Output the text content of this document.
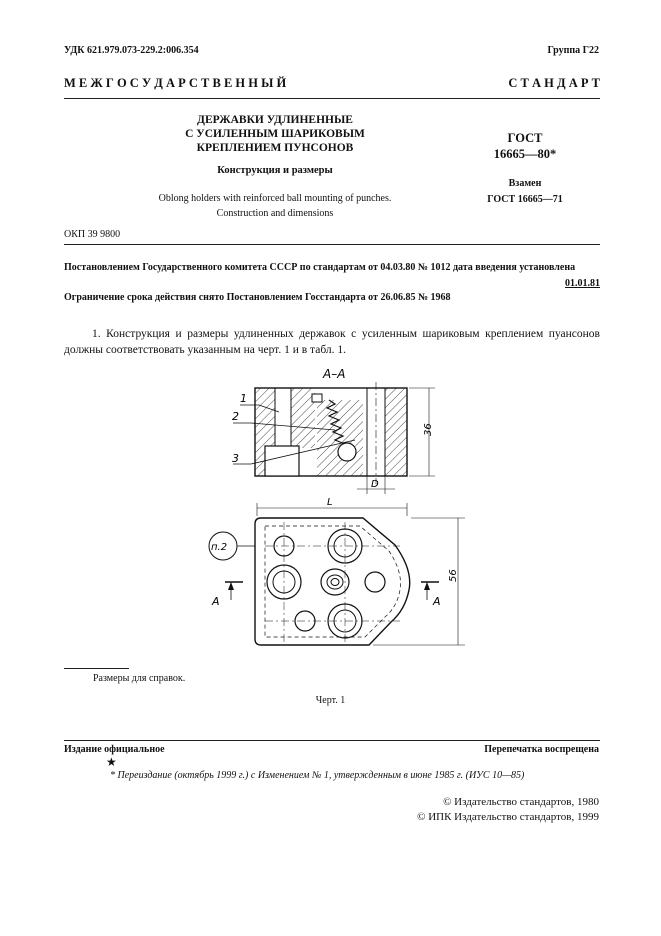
УДК 621.979.073-229.2:006.354	Группа Г22
М Е Ж Г О С У Д А Р С Т В Е Н Н Ы Й	С Т А Н Д А Р Т
ДЕРЖАВКИ УДЛИНЕННЫЕ
С УСИЛЕННЫМ ШАРИКОВЫМ
КРЕПЛЕНИЕМ ПУНСОНОВ
Конструкция и размеры
Oblong holders with reinforced ball mounting of punches.
Construction and dimensions
ГОСТ
16665—80*
Взамен
ГОСТ 16665—71
ОКП 39 9800
Постановлением Государственного комитета СССР по стандартам от 04.03.80 № 1012 дата введения установлена
01.01.81
Ограничение срока действия снято Постановлением Госстандарта от 26.06.85 № 1968
1. Конструкция и размеры удлиненных державок с усиленным шариковым креплением пуансонов должны соответствовать указанным на черт. 1 и в табл. 1.
А–А
1
2
3
36
D
L
А	А
56
п.2
Размеры для справок.
Черт. 1
Издание официальное	Перепечатка воспрещена
★
* Переиздание (октябрь 1999 г.) с Изменением № 1, утвержденным в июне 1985 г. (ИУС 10—85)
© Издательство стандартов, 1980
© ИПК Издательство стандартов, 1999
